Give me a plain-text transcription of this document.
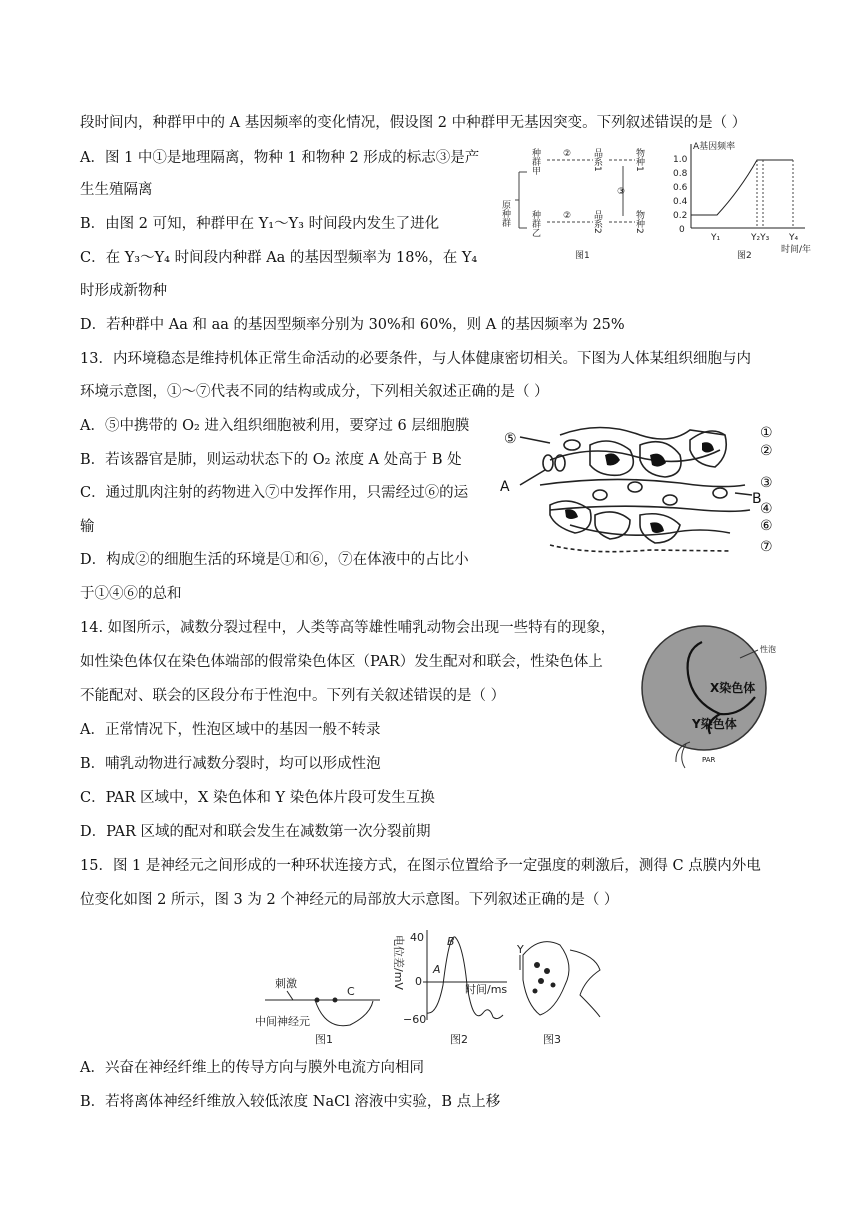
段时间内，种群甲中的 A 基因频率的变化情况，假设图 2 中种群甲无基因突变。下列叙述错误的是（ ）
A．图 1 中①是地理隔离，物种 1 和物种 2 形成的标志③是产
生生殖隔离
B．由图 2 可知，种群甲在 Y₁～Y₃ 时间段内发生了进化
C．在 Y₃～Y₄ 时间段内种群 Aa 的基因型频率为 18%，在 Y₄
时形成新物种
D．若种群中 Aa 和 aa 的基因型频率分别为 30%和 60%，则 A 的基因频率为 25%
13．内环境稳态是维持机体正常生命活动的必要条件，与人体健康密切相关。下图为人体某组织细胞与内
环境示意图，①～⑦代表不同的结构或成分，下列相关叙述正确的是（ ）
A．⑤中携带的 O₂ 进入组织细胞被利用，要穿过 6 层细胞膜
B．若该器官是肺，则运动状态下的 O₂ 浓度 A 处高于 B 处
C．通过肌肉注射的药物进入⑦中发挥作用，只需经过⑥的运
输
D．构成②的细胞生活的环境是①和⑥，⑦在体液中的占比小
于①④⑥的总和
14. 如图所示，减数分裂过程中，人类等高等雄性哺乳动物会出现一些特有的现象，
如性染色体仅在染色体端部的假常染色体区（PAR）发生配对和联会，性染色体上
不能配对、联会的区段分布于性泡中。下列有关叙述错误的是（ ）
A．正常情况下，性泡区域中的基因一般不转录
B．哺乳动物进行减数分裂时，均可以形成性泡
C．PAR 区域中，X 染色体和 Y 染色体片段可发生互换
D．PAR 区域的配对和联会发生在减数第一次分裂前期
15．图 1 是神经元之间形成的一种环状连接方式，在图示位置给予一定强度的刺激后，测得 C 点膜内外电
位变化如图 2 所示，图 3 为 2 个神经元的局部放大示意图。下列叙述正确的是（ ）
A．兴奋在神经纤维上的传导方向与膜外电流方向相同
B．若将离体神经纤维放入较低浓度 NaCl 溶液中实验，B 点上移
原种群
种群甲
种群乙
②
②
品系1
品系2
③
物种1
物种2
图1
A基因频率
1.0
0.8
0.6
0.4
0.2
0
Y₁	Y₂Y₃ Y₄
时间/年
图2
①
②
③
④
⑥
⑦
⑤
A
B
性泡
X染色体
Y染色体
PAR
刺激
C
中间神经元
图1
电位差/mV 40
0
−60
A
B
时间/ms
图2
Y
图3
